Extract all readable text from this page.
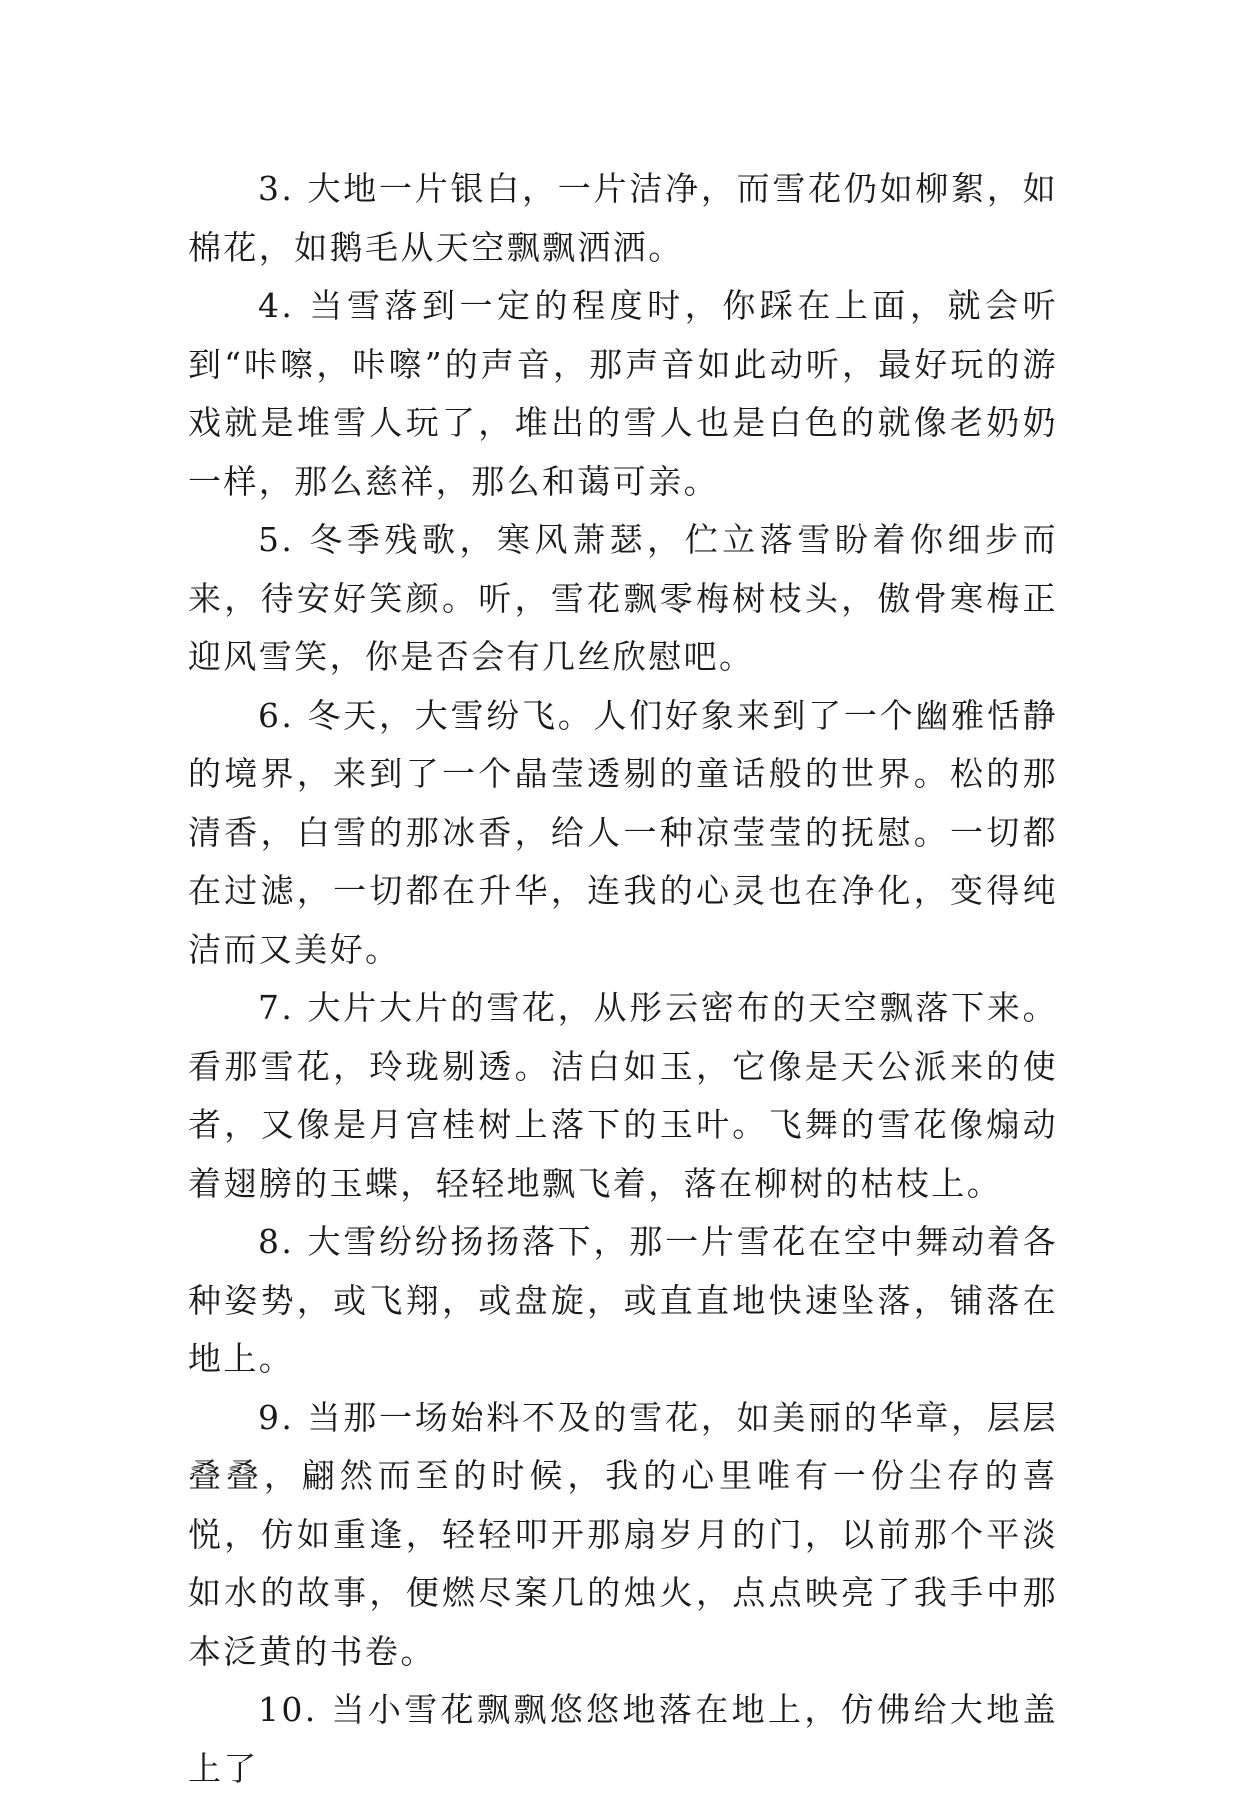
3. 大地一片银白，一片洁净，而雪花仍如柳絮，如棉花，如鹅毛从天空飘飘洒洒。

4. 当雪落到一定的程度时，你踩在上面，就会听到“咔嚓，咔嚓”的声音，那声音如此动听，最好玩的游戏就是堆雪人玩了，堆出的雪人也是白色的就像老奶奶一样，那么慈祥，那么和蔼可亲。

5. 冬季残歌，寒风萧瑟，伫立落雪盼着你细步而来，待安好笑颜。听，雪花飘零梅树枝头，傲骨寒梅正迎风雪笑，你是否会有几丝欣慰吧。

6. 冬天，大雪纷飞。人们好象来到了一个幽雅恬静的境界，来到了一个晶莹透剔的童话般的世界。松的那清香，白雪的那冰香，给人一种凉莹莹的抚慰。一切都在过滤，一切都在升华，连我的心灵也在净化，变得纯洁而又美好。

7. 大片大片的雪花，从彤云密布的天空飘落下来。看那雪花，玲珑剔透。洁白如玉，它像是天公派来的使者，又像是月宫桂树上落下的玉叶。飞舞的雪花像煽动着翅膀的玉蝶，轻轻地飘飞着，落在柳树的枯枝上。

8. 大雪纷纷扬扬落下，那一片雪花在空中舞动着各种姿势，或飞翔，或盘旋，或直直地快速坠落，铺落在地上。

9. 当那一场始料不及的雪花，如美丽的华章，层层叠叠，翩然而至的时候，我的心里唯有一份尘存的喜悦，仿如重逢，轻轻叩开那扇岁月的门，以前那个平淡如水的故事，便燃尽案几的烛火，点点映亮了我手中那本泛黄的书卷。

10. 当小雪花飘飘悠悠地落在地上，仿佛给大地盖上了
